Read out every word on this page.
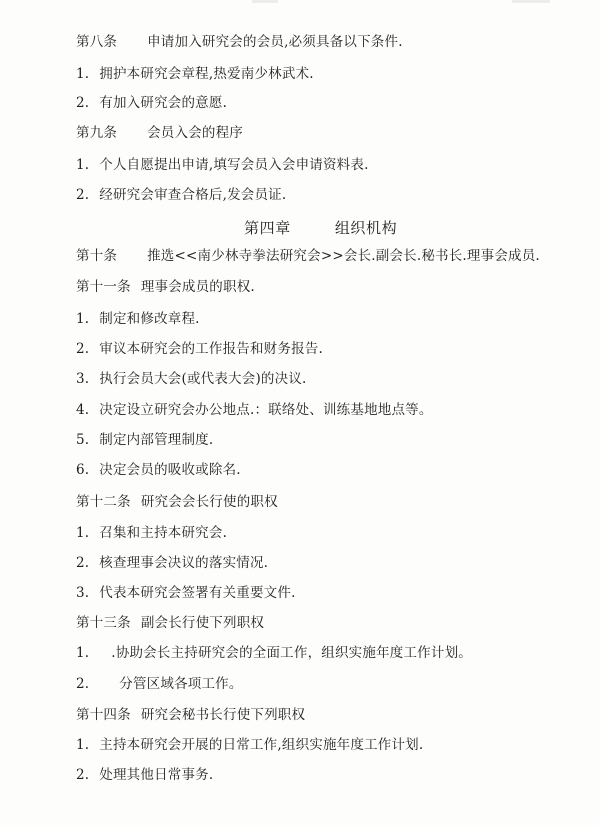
第八条 申请加入研究会的会员,必须具备以下条件.
1. 拥护本研究会章程,热爱南少林武术.
2. 有加入研究会的意愿.
第九条 会员入会的程序
1. 个人自愿提出申请,填写会员入会申请资料表.
2. 经研究会审查合格后,发会员证.
第四章	组织机构
第十条 推选<<南少林寺拳法研究会>>会长.副会长.秘书长.理事会成员.
第十一条 理事会成员的职权.
1. 制定和修改章程.
2. 审议本研究会的工作报告和财务报告.
3. 执行会员大会(或代表大会)的决议.
4. 决定设立研究会办公地点.：联络处、训练基地地点等。
5. 制定内部管理制度.
6. 决定会员的吸收或除名.
第十二条 研究会会长行使的职权
1. 召集和主持本研究会.
2. 核查理事会决议的落实情况.
3. 代表本研究会签署有关重要文件.
第十三条 副会长行使下列职权
1. .协助会长主持研究会的全面工作，组织实施年度工作计划。
2. 分管区域各项工作。
第十四条 研究会秘书长行使下列职权
1. 主持本研究会开展的日常工作,组织实施年度工作计划.
2. 处理其他日常事务.
